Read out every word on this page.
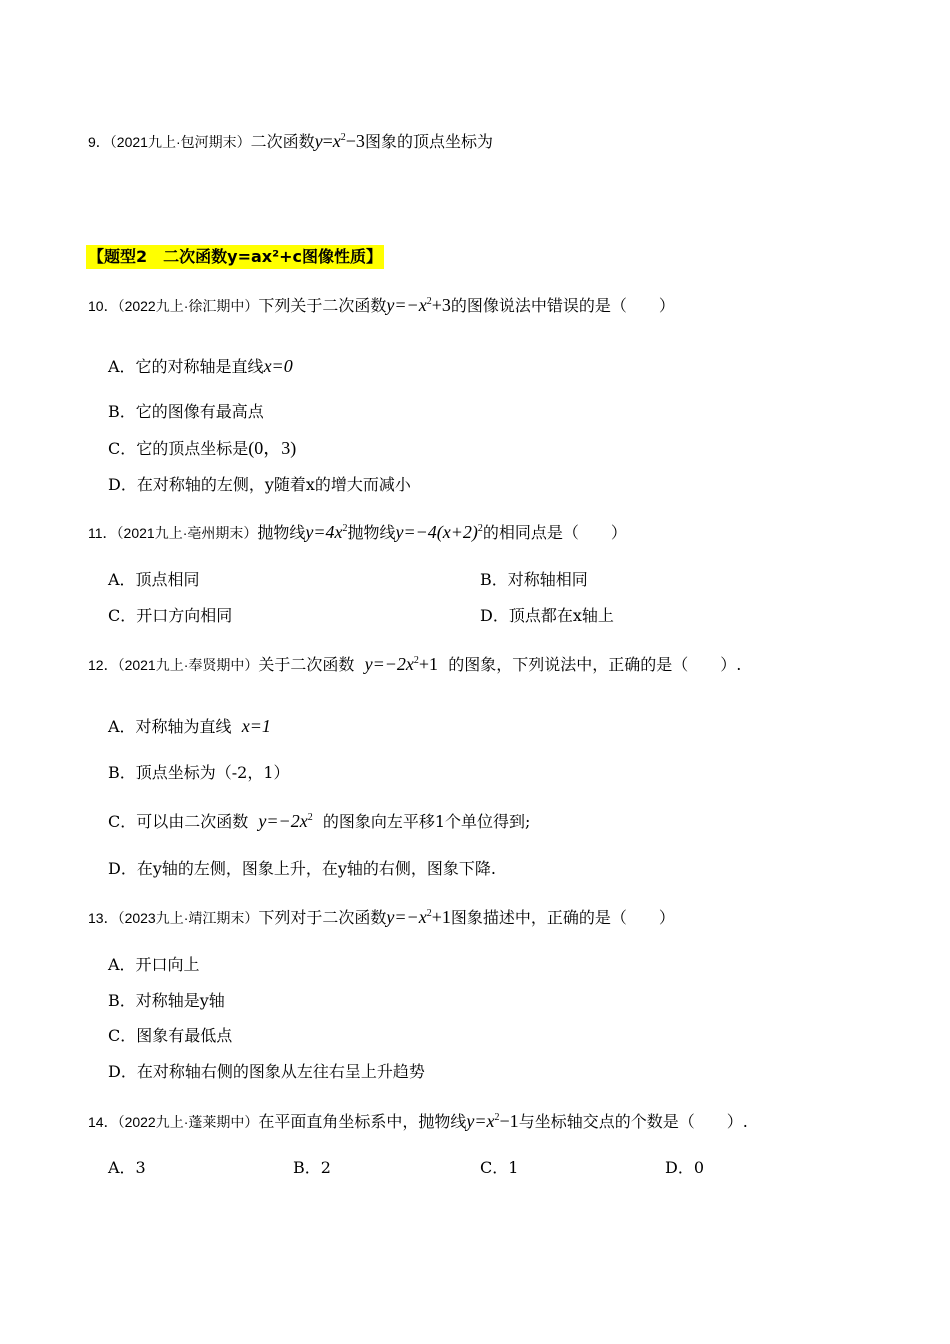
9．（2021九上·包河期末）二次函数$y=x^2-3$图象的顶点坐标为
【题型2　二次函数y=ax²+c图像性质】
10．（2022九上·徐汇期中）下列关于二次函数$y=-x^2+3$的图像说法中错误的是（　　）
A．它的对称轴是直线x=0
B．它的图像有最高点
C．它的顶点坐标是(0，3)
D．在对称轴的左侧，y随着x的增大而减小
11．（2021九上·亳州期末）抛物线$y=4x^2$抛物线$y=-4(x+2)^2$的相同点是（　　）
A．顶点相同	B．对称轴相同
C．开口方向相同	D．顶点都在x轴上
12．（2021九上·奉贤期中）关于二次函数 $y=-2x^2+1$ 的图象，下列说法中，正确的是（　　）.
A．对称轴为直线 x=1
B．顶点坐标为（-2，1）
C．可以由二次函数 $y=-2x^2$ 的图象向左平移1个单位得到;
D．在y轴的左侧，图象上升，在y轴的右侧，图象下降.
13．（2023九上·靖江期末）下列对于二次函数$y=-x^2+1$图象描述中，正确的是（　　）
A．开口向上
B．对称轴是y轴
C．图象有最低点
D．在对称轴右侧的图象从左往右呈上升趋势
14．（2022九上·蓬莱期中）在平面直角坐标系中，抛物线$y=x^2-1$与坐标轴交点的个数是（　　）.
A．3	B．2	C．1	D．0
